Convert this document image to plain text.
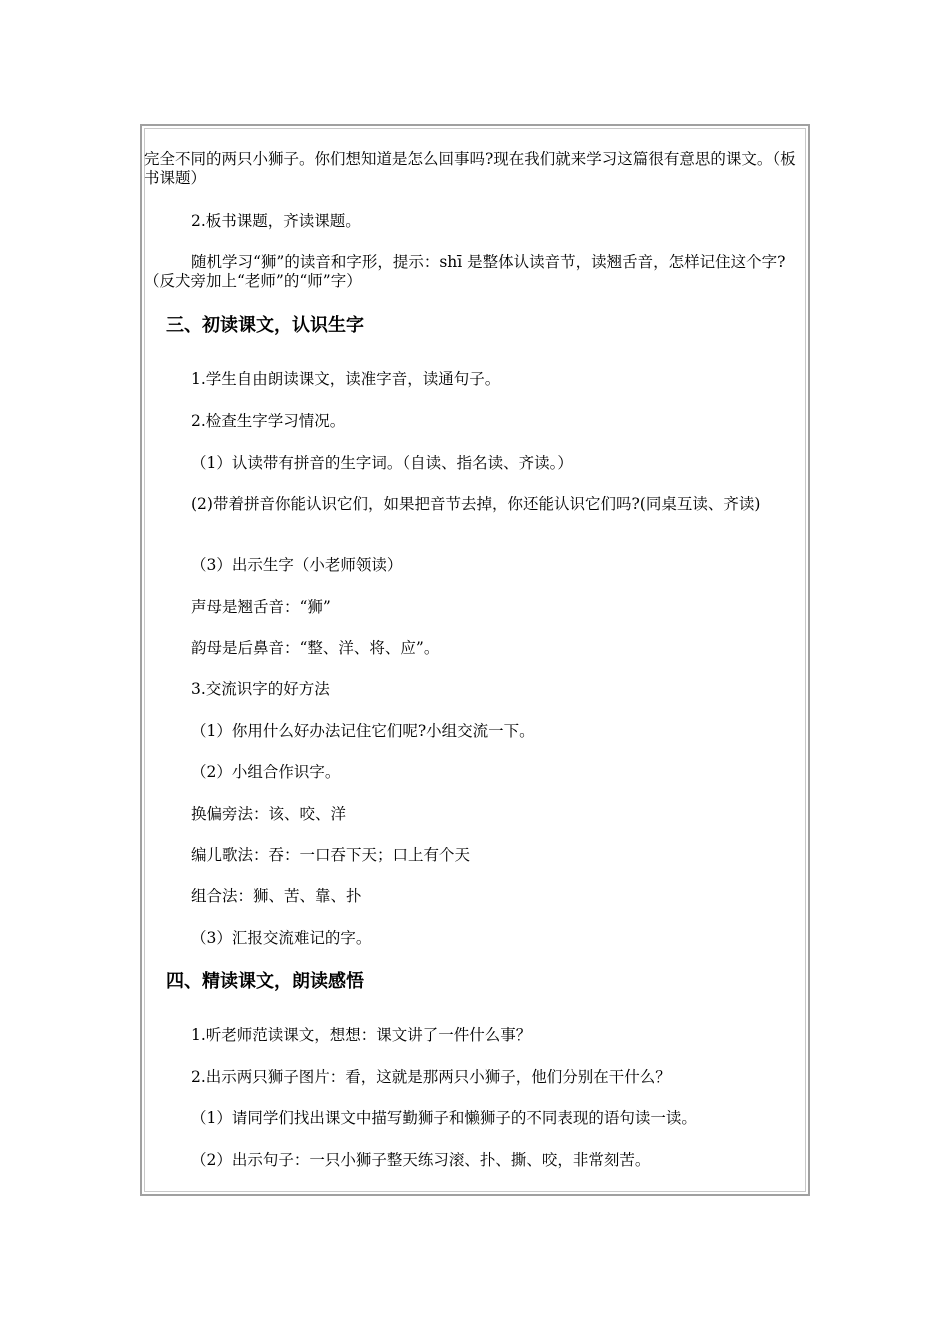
完全不同的两只小狮子。你们想知道是怎么回事吗?现在我们就来学习这篇很有意思的课文。（板书课题）

2.板书课题，齐读课题。

随机学习“狮”的读音和字形，提示：shī 是整体认读音节，读翘舌音，怎样记住这个字?（反犬旁加上“老师”的“师”字）

三、初读课文，认识生字

1.学生自由朗读课文，读准字音，读通句子。

2.检查生字学习情况。

（1）认读带有拼音的生字词。（自读、指名读、齐读。）

(2)带着拼音你能认识它们，如果把音节去掉，你还能认识它们吗?(同桌互读、齐读)

（3）出示生字（小老师领读）

声母是翘舌音：“狮”

韵母是后鼻音：“整、洋、将、应”。

3.交流识字的好方法

（1）你用什么好办法记住它们呢?小组交流一下。

（2）小组合作识字。

换偏旁法：该、咬、洋

编儿歌法：吞：一口吞下天；口上有个天

组合法：狮、苦、靠、扑

（3）汇报交流难记的字。

四、精读课文，朗读感悟

1.听老师范读课文，想想：课文讲了一件什么事？

2.出示两只狮子图片：看，这就是那两只小狮子，他们分别在干什么？

（1）请同学们找出课文中描写勤狮子和懒狮子的不同表现的语句读一读。

（2）出示句子：一只小狮子整天练习滚、扑、撕、咬，非常刻苦。
